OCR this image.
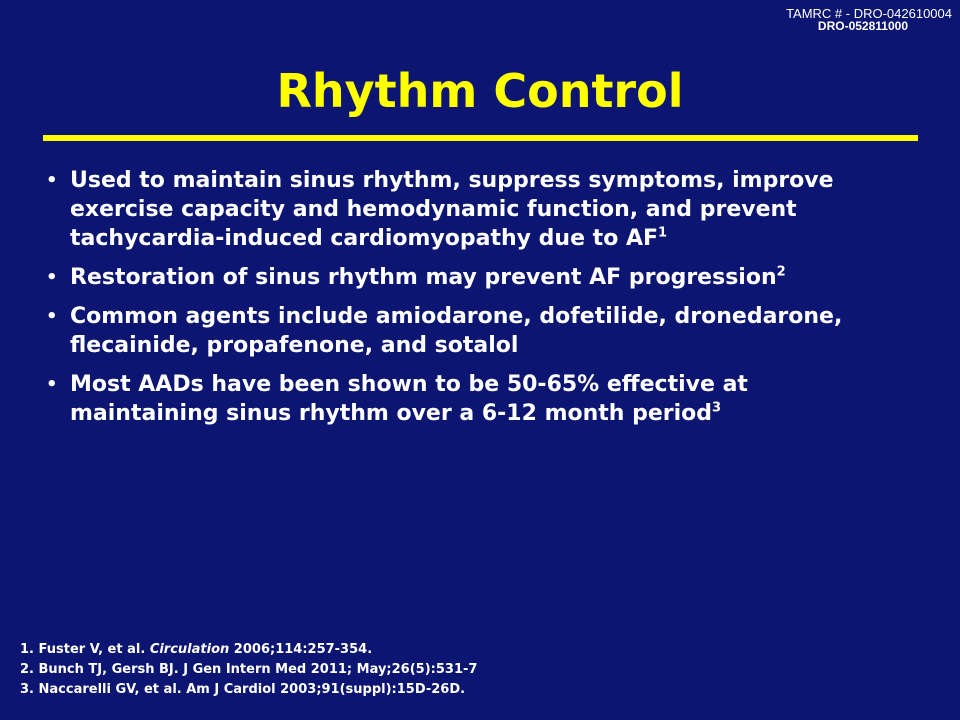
TAMRC # - DRO-042610004
DRO-052811000
Rhythm Control
• Used to maintain sinus rhythm, suppress symptoms, improve exercise capacity and hemodynamic function, and prevent tachycardia-induced cardiomyopathy due to $AF^1$
• Restoration of sinus rhythm may prevent AF progression$^2$
• Common agents include amiodarone, dofetilide, dronedarone, flecainide, propafenone, and sotalol
• Most AADs have been shown to be 50-65% effective at maintaining sinus rhythm over a 6-12 month period$^3$
1. Fuster V, et al. Circulation 2006;114:257-354.
2. Bunch TJ, Gersh BJ. J Gen Intern Med 2011; May;26(5):531-7
3. Naccarelli GV, et al. Am J Cardiol 2003;91(suppl):15D-26D.
